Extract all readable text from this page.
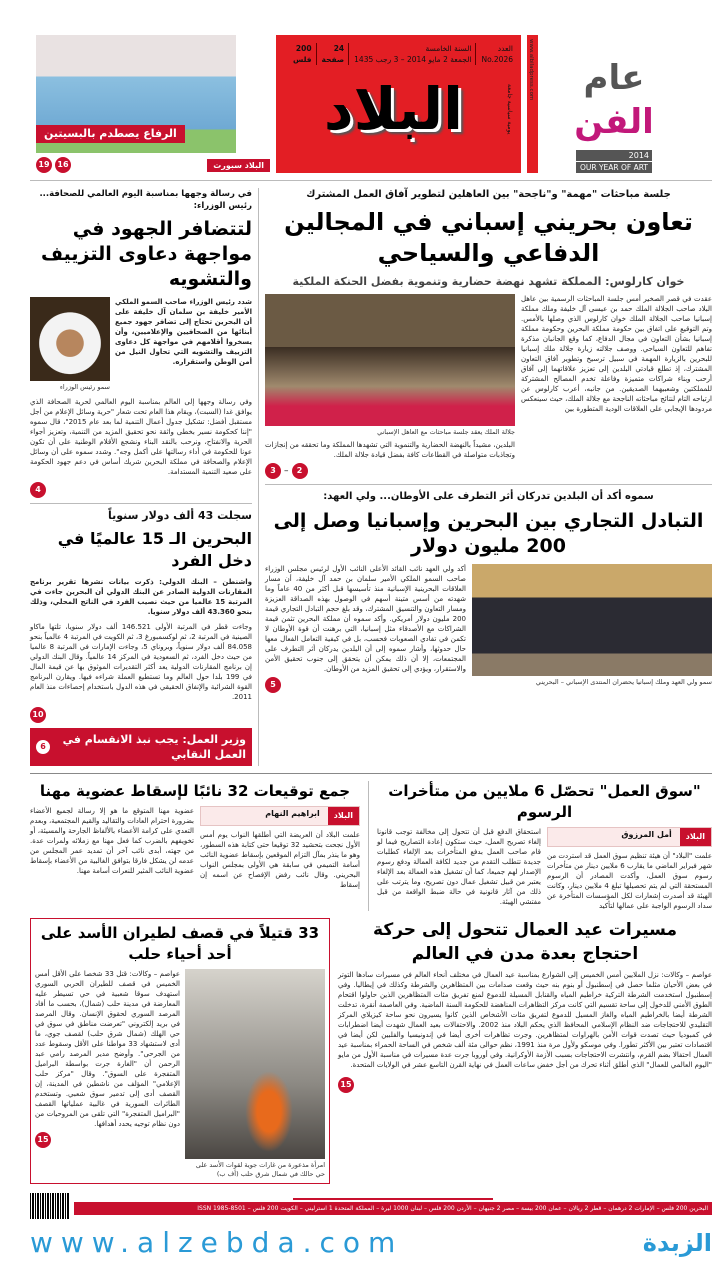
الرفاع يصطدم بالبسيتين
19 16	البلاد سبورت
العدد
No.2026
السنة الخامسة
الجمعة 2 مايو 2014 – 3 رجب 1435
24
صفحة
200
فلس
البلاد	يومية سياسية جامعة
www.albiladpress.com	عام الفن
2014
OUR YEAR OF ART
في رسالة وجهها بمناسبة اليوم العالمي للصحافة... رئيس الوزراء:
لتتضافر الجهود في مواجهة دعاوى التزييف والتشويه
سمو رئيس الوزراء
شدد رئيس الوزراء صاحب السمو الملكي الأمير خليفة بن سلمان آل خليفة على أن البحرين تحتاج إلى تضافر جهود جميع أبنائها من الصحافيين والإعلاميين، وأن يسخروا أقلامهم في مواجهة كل دعاوى التزييف والتشويه التي تحاول النيل من أمن الوطن واستقراره.
وفي رسالة وجهها إلى العالم بمناسبة اليوم العالمي لحرية الصحافة الذي يوافق غدا (السبت)، ويقام هذا العام تحت شعار "حرية وسائل الإعلام من أجل مستقبل أفضل: تشكيل جدول أعمال التنمية لما بعد عام 2015"، قال سموه "إننا كحكومة نسير بخطى واثقة نحو تحقيق المزيد من التنمية، وتعزيز أجواء الحرية والانفتاح، ونرحب بالنقد البناء ونشجع الأقلام الوطنية على أن تكون عونا للحكومة في أداء رسالتها على أكمل وجه". وشدد سموه على أن وسائل الإعلام والصحافة في مملكة البحرين شريك أساس في دعم جهود الحكومة على صعيد التنمية المستدامة.
4
سجلت 43 ألف دولار سنوياً
البحرين الـ 15 عالميًا في دخل الفرد
واشنطن – البنك الدولي: ذكرت بيانات نشرها تقرير برنامج المقارنات الدولية الصادر عن البنك الدولي أن البحرين جاءت في المرتبة 15 عالميا من حيث نصيب الفرد في الناتج المحلي، وذلك بنحو 43.360 ألف دولار سنويا.
وجاءت قطر في المرتبة الأولى 146.521 ألف دولار سنويا، تلتها ماكاو الصينية في المرتبة 2، ثم لوكسمبورغ 3، ثم الكويت في المرتبة 4 عالمياً بنحو 84.058 ألف دولار سنوياً، وبروناي 5، وجاءت الإمارات في المرتبة 8 عالميا من حيث دخل الفرد، ثم السعودية في المركز 14 عالمياً. وقال البنك الدولي إن برنامج المقارنات الدولية يعد أكثر التقديرات الموثوق بها عن قيمة المال في 199 بلدا حول العالم وما تستطيع العملة شراءه فيها. ويقارن البرنامج القوة الشرائية والإنفاق الحقيقي في هذه الدول باستخدام إحصاءات منذ العام 2011.
10
وزير العمل: يجب نبذ الانقسام في العمل النقابي
6
جلسة مباحثات "مهمة" و"ناجحة" بين العاهلين لتطوير آفاق العمل المشترك
تعاون بحريني إسباني في المجالين الدفاعي والسياحي
خوان كارلوس: المملكة تشهد نهضة حضارية وتنموية بفضل الحنكة الملكية
جلالة الملك يعقد جلسة مباحثات مع العاهل الإسباني
البلدين، مشيداً بالنهضة الحضارية والتنموية التي تشهدها المملكة وما تحققه من إنجازات وتجاذبات متواصلة في القطاعات كافة بفضل قيادة جلالة الملك.
3 –	2
عقدت في قصر الصخير أمس جلسة المباحثات الرسمية بين عاهل البلاد صاحب الجلالة الملك حمد بن عيسى آل خليفة وملك مملكة إسبانيا صاحب الجلالة الملك خوان كارلوس الذي وصلها بالأمس. وتم التوقيع على اتفاق بين حكومة مملكة البحرين وحكومة مملكة إسبانيا بشأن التعاون في مجال الدفاع، كما وقع الجانبان مذكرة تفاهم للتعاون السياحي. ووصف جلالته زيارة جلالة ملك إسبانيا للبحرين بالزيارة المهمة في سبيل ترسيخ وتطوير آفاق التعاون المشترك، إذ تطلع قيادتي البلدين إلى تعزيز علاقاتهما إلى آفاق أرحب وبناء شراكات متميزة وفاعلة تخدم المصالح المشتركة للمملكتين وشعبيهما الصديقين. من جانبه، أعرب كارلوس عن ارتياحه التام لنتائج مباحثاته الناجحة مع جلالة الملك، حيث سينعكس مردودها الإيجابي على العلاقات الودية المتطورة بين
سموه أكد أن البلدين تدركان أثر التطرف على الأوطان... ولي العهد:
التبادل التجاري بين البحرين وإسبانيا وصل إلى 200 مليون دولار
أكد ولي العهد نائب القائد الأعلى النائب الأول لرئيس مجلس الوزراء صاحب السمو الملكي الأمير سلمان بن حمد آل خليفة، أن مسار العلاقات البحرينية الإسبانية منذ تأسيسها قبل أكثر من 40 عاماً وما شهدته من أسس متينة أسهم في الوصول بهذه الصداقة العزيزة ومسار التعاون والتنسيق المشترك، وقد بلغ حجم التبادل التجاري قيمة 200 مليون دولار أمريكي. وأكد سموه أن مملكة البحرين تثمن قيمة الشراكات مع الأصدقاء مثل إسبانيا، التي برهنت أن قوة الأوطان لا تكمن في تفادي الصعوبات فحسب، بل في كيفية التعامل الفعال معها حال حدوثها، وأشار سموه إلى أن البلدين يدركان أثر التطرف على المجتمعات، إلا أن ذلك يمكن أن يتحقق إلى جنوب تحقيق الأمن والاستقرار، ويؤدي إلى تحقيق المزيد من الأوطان.
5	سمو ولي العهد وملك إسبانيا يحضران المنتدى الإسباني – البحريني
جمع توقيعات 32 نائبًا لإسقاط عضوية مهنا
عضوية مهنا المتوقع ما هو إلا رسالة لجميع الأعضاء بضرورة احترام العادات والتقاليد والقيم المجتمعية، وبعدم التعدي على كرامة الأعضاء بالألفاظ الجارحة والمسيئة، أو تخويفهم بالضرب كما فعل مهنا مع زملائه ولمرات عدة. من جهته، أبدى نائب آخر أن تمديد عمر المجلس من عدمه لن يشكل فارقا بتوافق الغالبية من الأعضاء بإسقاط عضوية النائب المثير للنعرات أسامة مهنا.
البلاد
ابراهيم النهام
علمت البلاد أن العريضة التي أطلقها النواب يوم أمس الأول نجحت بتحشيد 32 توقيعا حتى كتابة هذه السطور، وهو ما ينذر بمآل التزام الموقعين بإسقاط عضوية النائب أسامة التميمي في سابقة هي الأولى بمجلس النواب البحريني. وقال نائب رفض الإفصاح عن اسمه إن إسقاط
"سوق العمل" تحصّل 6 ملايين من متأخرات الرسوم
استحقاق الدفع قبل أن تتحول إلى مخالفة توجب قانونا إلغاء تصريح العمل، حيث ستكون إعادة التصاريح فيما لو قام صاحب العمل بدفع المتأخرات بعد الإلغاء كطلبات جديدة تتطلب التقدم من جديد لكافة العمالة ودفع رسوم الإصدار لهم جميعا، كما أن تشغيل هذه العمالة بعد الإلغاء يعتبر من قبيل تشغيل عمال دون تصريح، وما يترتب على ذلك من آثار قانونية في حالة ضبط الواقعة من قبل مفتشي الهيئة.
البلاد
أمل المرزوق
علمت "البلاد" أن هيئة تنظيم سوق العمل قد استردت من شهر فبراير الماضي ما يقارب 6 ملايين دينار من متأخرات رسوم سوق العمل، وأكدت المصادر أن الرسوم المستحقة التي لم يتم تحصيلها تبلغ 4 ملايين دينار، وكانت الهيئة قد أصدرت إشعارات لكل المؤسسات المتأخرة عن سداد الرسوم الواجبة على عمالها لتأكيد
33 قتيلاً في قصف لطيران الأسد على أحد أحياء حلب
عواصم – وكالات: قتل 33 شخصا على الأقل أمس الخميس في قصف للطيران الحربي السوري استهدف سوقا شعبية في حي تسيطر عليه المعارضة في مدينة حلب (شمال)، بحسب ما أفاد المرصد السوري لحقوق الإنسان. وقال المرصد في بريد إلكتروني "تعرضت مناطق في سوق في حي الهلك (شمال شرق حلب) لقصف جوي، ما أدى لاستشهاد 33 مواطنا على الأقل وسقوط عدد من الجرحى". وأوضح مدير المرصد رامي عبد الرحمن أن "الغارة جرت بواسطة البراميل المتفجرة على السوق". وقال "مركز حلب الإعلامي" المؤلف من ناشطين في المدينة، إن القصف أدى إلى تدمير سوق شعبي. وتستخدم الطائرات السورية في غالبية عملياتها القصف "البراميل المتفجرة" التي تلقى من المروحيات من دون نظام توجيه يحدد أهدافها.
15
امرأة مذعورة من غارات جوية لقوات الأسد على حي حالك في شمال شرق حلب (أف ب)
مسيرات عيد العمال تتحول إلى حركة احتجاج بعدة مدن في العالم
عواصم – وكالات: نزل الملايين أمس الخميس إلى الشوارع بمناسبة عيد العمال في مختلف أنحاء العالم في مسيرات سادها التوتر في بعض الأحيان مثلما حصل في إسطنبول أو بنوم بنه حيث وقعت صدامات بين المتظاهرين والشرطة وكذلك في إيطاليا. وفي إسطنبول استخدمت الشرطة التركية خراطيم المياه والقنابل المسيلة للدموع لمنع تفريق مئات المتظاهرين الذين حاولوا اقتحام الطوق الأمني للدخول إلى ساحة تقسيم التي كانت مركز التظاهرات المناهضة للحكومة السنة الماضية. وفي العاصمة أنقرة، تدخلت الشرطة أيضا بالخراطيم المياه والغاز المسيل للدموع لتفريق مئات الأشخاص الذين كانوا يسيرون نحو ساحة كيزيلاي المركز التقليدي للاحتجاجات ضد النظام الإسلامي المحافظ الذي يحكم البلاد منذ 2002. والاحتفالات بعيد العمال شهدت أيضا اضطرابات في كمبوديا حيث تصدت قوات الأمن بالهراوات لمتظاهرين. وجرت تظاهرات أخرى أيضا في إندونيسيا والفلبين لكن أيضا في اقتصادات تعتبر بين الأكثر تطورا. وفي موسكو ولأول مرة منذ 1991، نظم حوالى مئة ألف شخص في الساحة الحمراء بمناسبة عيد العمال احتفالا بضم القرم، وانتشرت الاحتجاجات بسبب الأزمة الأوكرانية. وفي أوروبا جرت عدة مسيرات في مناسبة الأول من مايو "اليوم العالمي للعمال" الذي أطلق أثناء تحرك من أجل خفض ساعات العمل في نهاية القرن التاسع عشر في الولايات المتحدة.
15
البحرين 200 فلس – الإمارات 2 درهمان – قطر 2 ريالان – عمان 200 بيسة – مصر 2 جنيهان – الأردن 200 فلس – لبنان 1000 ليرة – المملكة المتحدة 1 استرليني – الكويت 200 فلس – ISSN 1985-8501
www.alzebda.com	الزبدة
